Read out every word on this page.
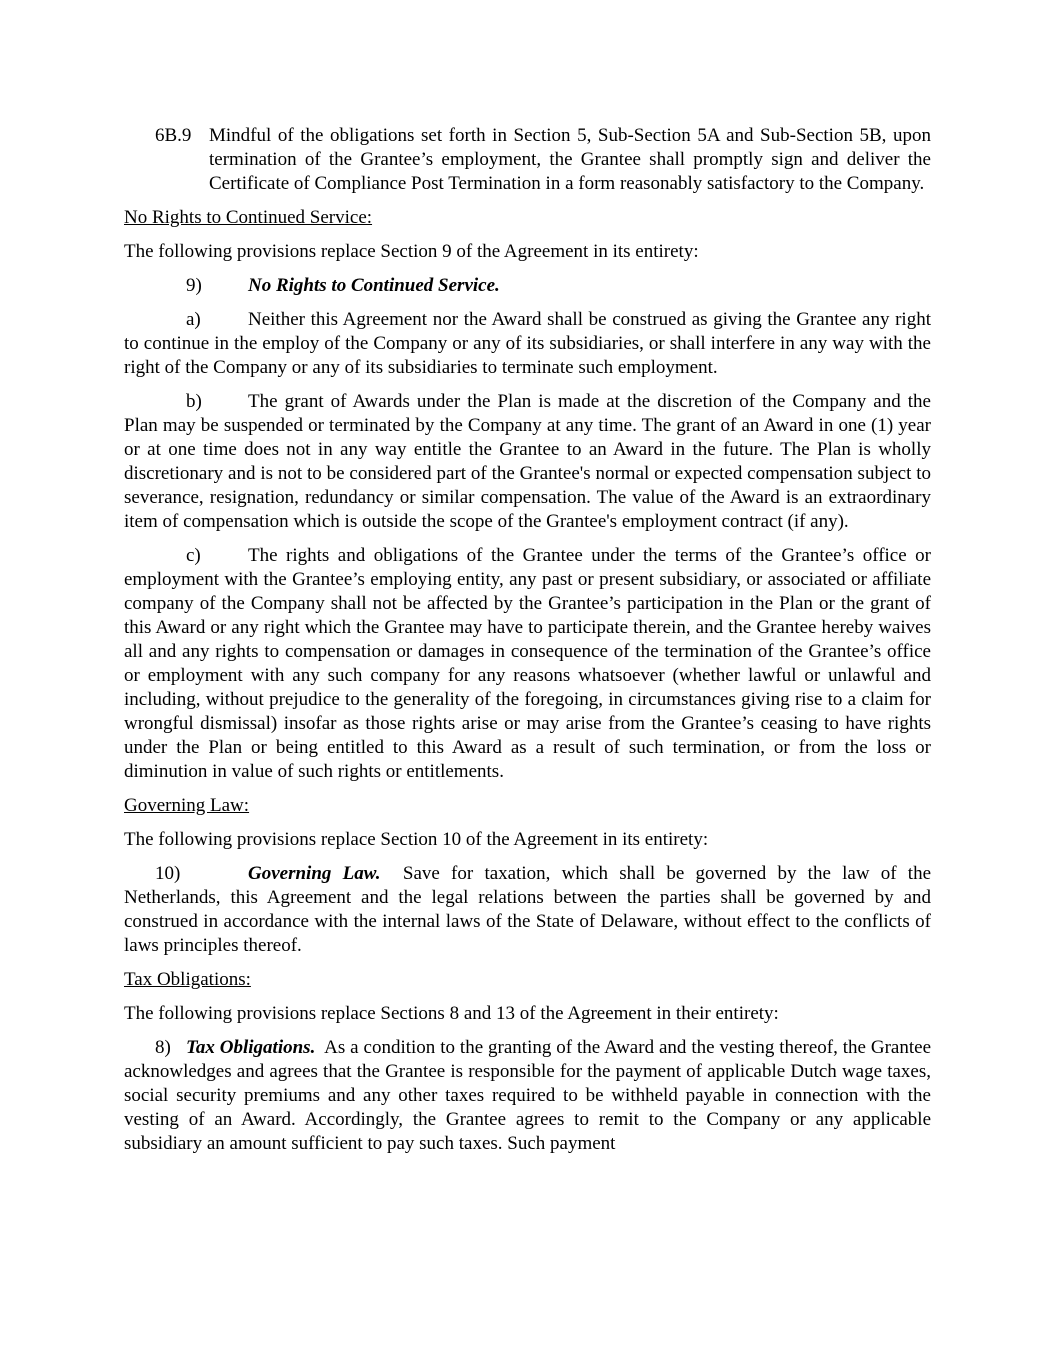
6B.9 Mindful of the obligations set forth in Section 5, Sub-Section 5A and Sub-Section 5B, upon termination of the Grantee’s employment, the Grantee shall promptly sign and deliver the Certificate of Compliance Post Termination in a form reasonably satisfactory to the Company.

No Rights to Continued Service:

The following provisions replace Section 9 of the Agreement in its entirety:

9) No Rights to Continued Service.

a) Neither this Agreement nor the Award shall be construed as giving the Grantee any right to continue in the employ of the Company or any of its subsidiaries, or shall interfere in any way with the right of the Company or any of its subsidiaries to terminate such employment.

b) The grant of Awards under the Plan is made at the discretion of the Company and the Plan may be suspended or terminated by the Company at any time. The grant of an Award in one (1) year or at one time does not in any way entitle the Grantee to an Award in the future. The Plan is wholly discretionary and is not to be considered part of the Grantee's normal or expected compensation subject to severance, resignation, redundancy or similar compensation. The value of the Award is an extraordinary item of compensation which is outside the scope of the Grantee's employment contract (if any).

c) The rights and obligations of the Grantee under the terms of the Grantee’s office or employment with the Grantee’s employing entity, any past or present subsidiary, or associated or affiliate company of the Company shall not be affected by the Grantee’s participation in the Plan or the grant of this Award or any right which the Grantee may have to participate therein, and the Grantee hereby waives all and any rights to compensation or damages in consequence of the termination of the Grantee’s office or employment with any such company for any reasons whatsoever (whether lawful or unlawful and including, without prejudice to the generality of the foregoing, in circumstances giving rise to a claim for wrongful dismissal) insofar as those rights arise or may arise from the Grantee’s ceasing to have rights under the Plan or being entitled to this Award as a result of such termination, or from the loss or diminution in value of such rights or entitlements.

Governing Law:

The following provisions replace Section 10 of the Agreement in its entirety:

10)	Governing Law. Save for taxation, which shall be governed by the law of the Netherlands, this Agreement and the legal relations between the parties shall be governed by and construed in accordance with the internal laws of the State of Delaware, without effect to the conflicts of laws principles thereof.

Tax Obligations:

The following provisions replace Sections 8 and 13 of the Agreement in their entirety:

8) Tax Obligations. As a condition to the granting of the Award and the vesting thereof, the Grantee acknowledges and agrees that the Grantee is responsible for the payment of applicable Dutch wage taxes, social security premiums and any other taxes required to be withheld payable in connection with the vesting of an Award. Accordingly, the Grantee agrees to remit to the Company or any applicable subsidiary an amount sufficient to pay such taxes. Such payment
